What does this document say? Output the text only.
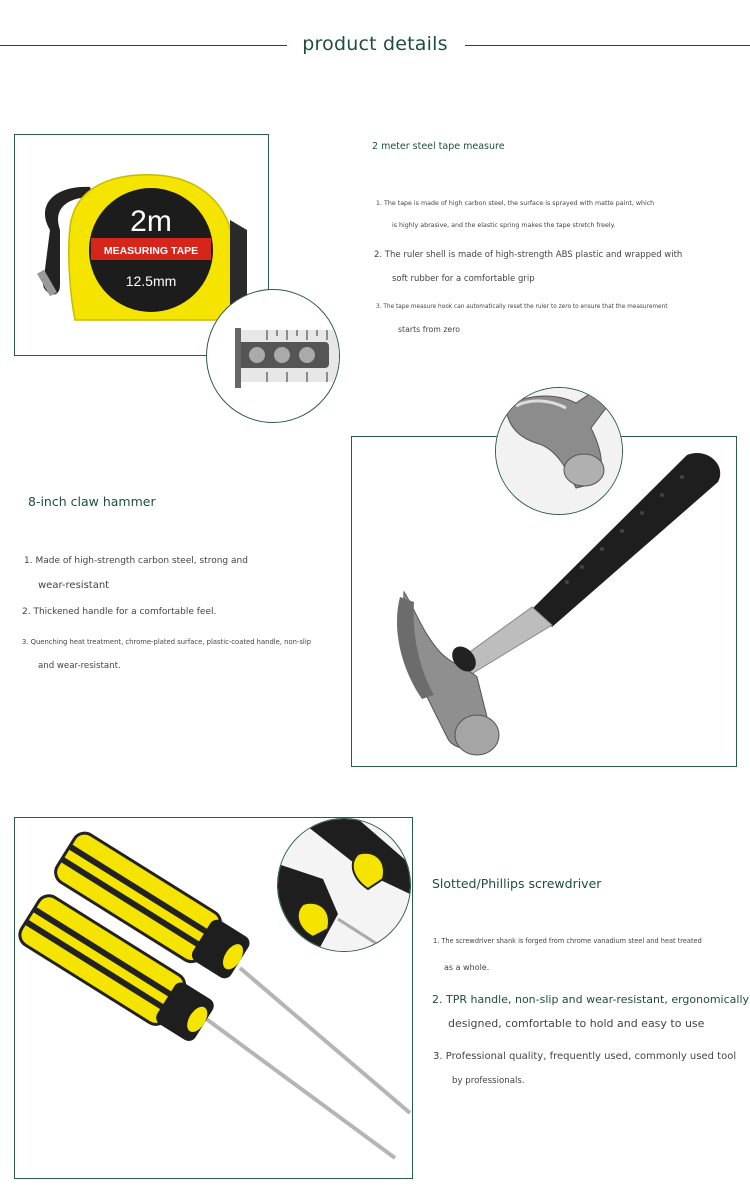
product details
2m
MEASURING TAPE
12.5mm
2 meter steel tape measure
1. The tape is made of high carbon steel, the surface is sprayed with matte paint, which
is highly abrasive, and the elastic spring makes the tape stretch freely.
2. The ruler shell is made of high-strength ABS plastic and wrapped with
soft rubber for a comfortable grip
3. The tape measure hook can automatically reset the ruler to zero to ensure that the measurement
starts from zero
8-inch claw hammer
1. Made of high-strength carbon steel, strong and
wear-resistant
2. Thickened handle for a comfortable feel.
3. Quenching heat treatment, chrome-plated surface, plastic-coated handle, non-slip
and wear-resistant.
Slotted/Phillips screwdriver
1. The screwdriver shank is forged from chrome vanadium steel and heat treated
as a whole.
2. TPR handle, non-slip and wear-resistant, ergonomically
designed, comfortable to hold and easy to use
3. Professional quality, frequently used, commonly used tool
by professionals.
